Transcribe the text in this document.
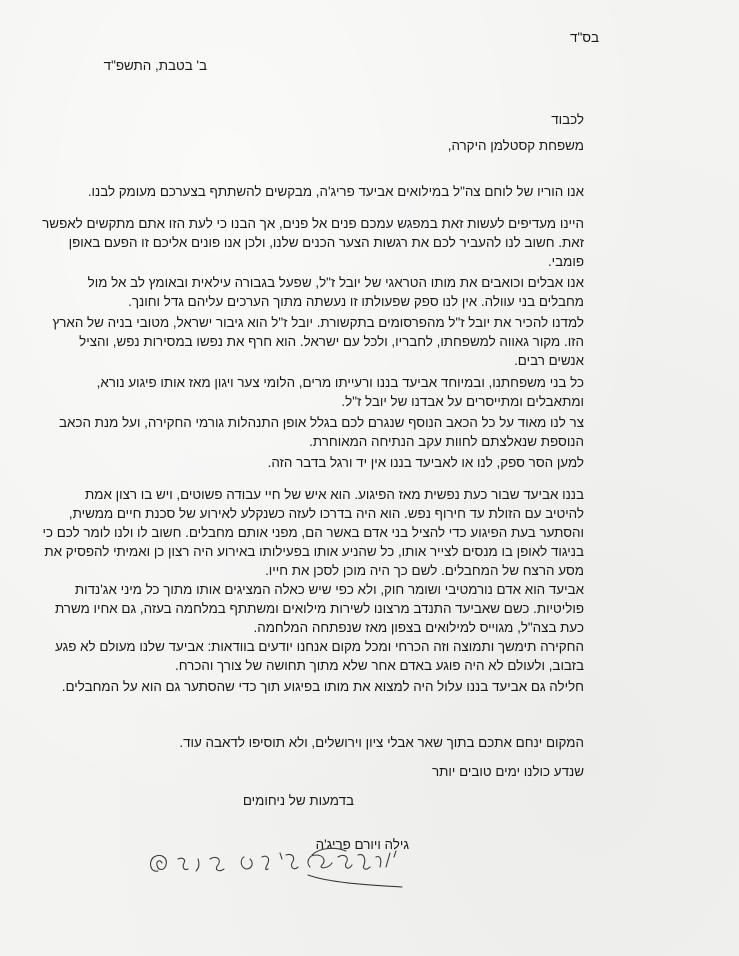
בס"ד
ב' בטבת, התשפ"ד
לכבוד
משפחת קסטלמן היקרה,
אנו הוריו של לוחם צה"ל במילואים אביעד פריג'ה, מבקשים להשתתף בצערכם מעומק לבנו.
היינו מעדיפים לעשות זאת במפגש עמכם פנים אל פנים, אך הבנו כי לעת הזו אתם מתקשים לאפשר
זאת. חשוב לנו להעביר לכם את רגשות הצער הכנים שלנו, ולכן אנו פונים אליכם זו הפעם באופן
פומבי.
אנו אבלים וכואבים את מותו הטראגי של יובל ז"ל, שפעל בגבורה עילאית ובאומץ לב אל מול
מחבלים בני עוולה. אין לנו ספק שפעולתו זו נעשתה מתוך הערכים עליהם גדל וחונך.
למדנו להכיר את יובל ז"ל מהפרסומים בתקשורת. יובל ז"ל הוא גיבור ישראל, מטובי בניה של הארץ
הזו. מקור גאווה למשפחתו, לחבריו, ולכל עם ישראל. הוא חרף את נפשו במסירות נפש, והציל
אנשים רבים.
כל בני משפחתנו, ובמיוחד אביעד בננו ורעייתו מרים, הלומי צער ויגון מאז אותו פיגוע נורא,
ומתאבלים ומתייסרים על אבדנו של יובל ז"ל.
צר לנו מאוד על כל הכאב הנוסף שנגרם לכם בגלל אופן התנהלות גורמי החקירה, ועל מנת הכאב
הנוספת שנאלצתם לחוות עקב הנתיחה המאוחרת.
למען הסר ספק, לנו או לאביעד בננו אין יד ורגל בדבר הזה.
בננו אביעד שבור כעת נפשית מאז הפיגוע. הוא איש של חיי עבודה פשוטים, ויש בו רצון אמת
להיטיב עם הזולת עד חירוף נפש. הוא היה בדרכו לעזה כשנקלע לאירוע של סכנת חיים ממשית,
והסתער בעת הפיגוע כדי להציל בני אדם באשר הם, מפני אותם מחבלים. חשוב לו ולנו לומר לכם כי
בניגוד לאופן בו מנסים לצייר אותו, כל שהניע אותו בפעילותו באירוע היה רצון כן ואמיתי להפסיק את
מסע הרצח של המחבלים. לשם כך היה מוכן לסכן את חייו.
אביעד הוא אדם נורמטיבי ושומר חוק, ולא כפי שיש כאלה המציגים אותו מתוך כל מיני אג'נדות
פוליטיות. כשם שאביעד התנדב מרצונו לשירות מילואים ומשתתף במלחמה בעזה, גם אחיו משרת
כעת בצה"ל, מגוייס למילואים בצפון מאז שנפתחה המלחמה.
החקירה תימשך ותמוצה וזה הכרחי ומכל מקום אנחנו יודעים בוודאות: אביעד שלנו מעולם לא פגע
בזבוב, ולעולם לא היה פוגע באדם אחר שלא מתוך תחושה של צורך והכרח.
חלילה גם אביעד בננו עלול היה למצוא את מותו בפיגוע תוך כדי שהסתער גם הוא על המחבלים.
המקום ינחם אתכם בתוך שאר אבלי ציון וירושלים, ולא תוסיפו לדאבה עוד.
שנדע כולנו ימים טובים יותר
בדמעות של ניחומים
גילה ויורם פריג'ה
